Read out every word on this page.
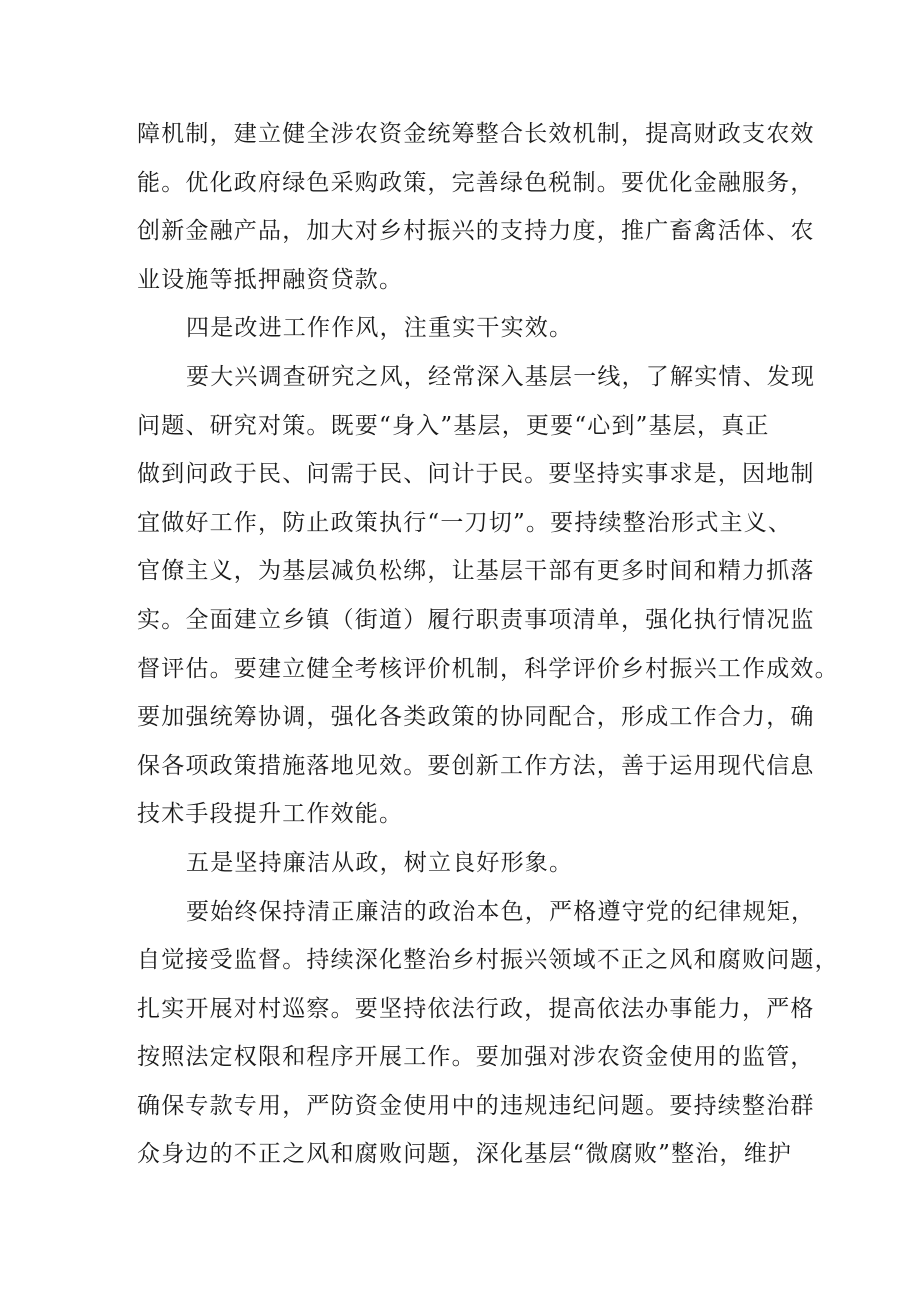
障机制，建立健全涉农资金统筹整合长效机制，提高财政支农效
能。优化政府绿色采购政策，完善绿色税制。要优化金融服务，
创新金融产品，加大对乡村振兴的支持力度，推广畜禽活体、农
业设施等抵押融资贷款。
四是改进工作作风，注重实干实效。
要大兴调查研究之风，经常深入基层一线，了解实情、发现
问题、研究对策。既要“身入”基层，更要“心到”基层，真正
做到问政于民、问需于民、问计于民。要坚持实事求是，因地制
宜做好工作，防止政策执行“一刀切”。要持续整治形式主义、
官僚主义，为基层减负松绑，让基层干部有更多时间和精力抓落
实。全面建立乡镇（街道）履行职责事项清单，强化执行情况监
督评估。要建立健全考核评价机制，科学评价乡村振兴工作成效。
要加强统筹协调，强化各类政策的协同配合，形成工作合力，确
保各项政策措施落地见效。要创新工作方法，善于运用现代信息
技术手段提升工作效能。
五是坚持廉洁从政，树立良好形象。
要始终保持清正廉洁的政治本色，严格遵守党的纪律规矩，
自觉接受监督。持续深化整治乡村振兴领域不正之风和腐败问题，
扎实开展对村巡察。要坚持依法行政，提高依法办事能力，严格
按照法定权限和程序开展工作。要加强对涉农资金使用的监管，
确保专款专用，严防资金使用中的违规违纪问题。要持续整治群
众身边的不正之风和腐败问题，深化基层“微腐败”整治，维护
